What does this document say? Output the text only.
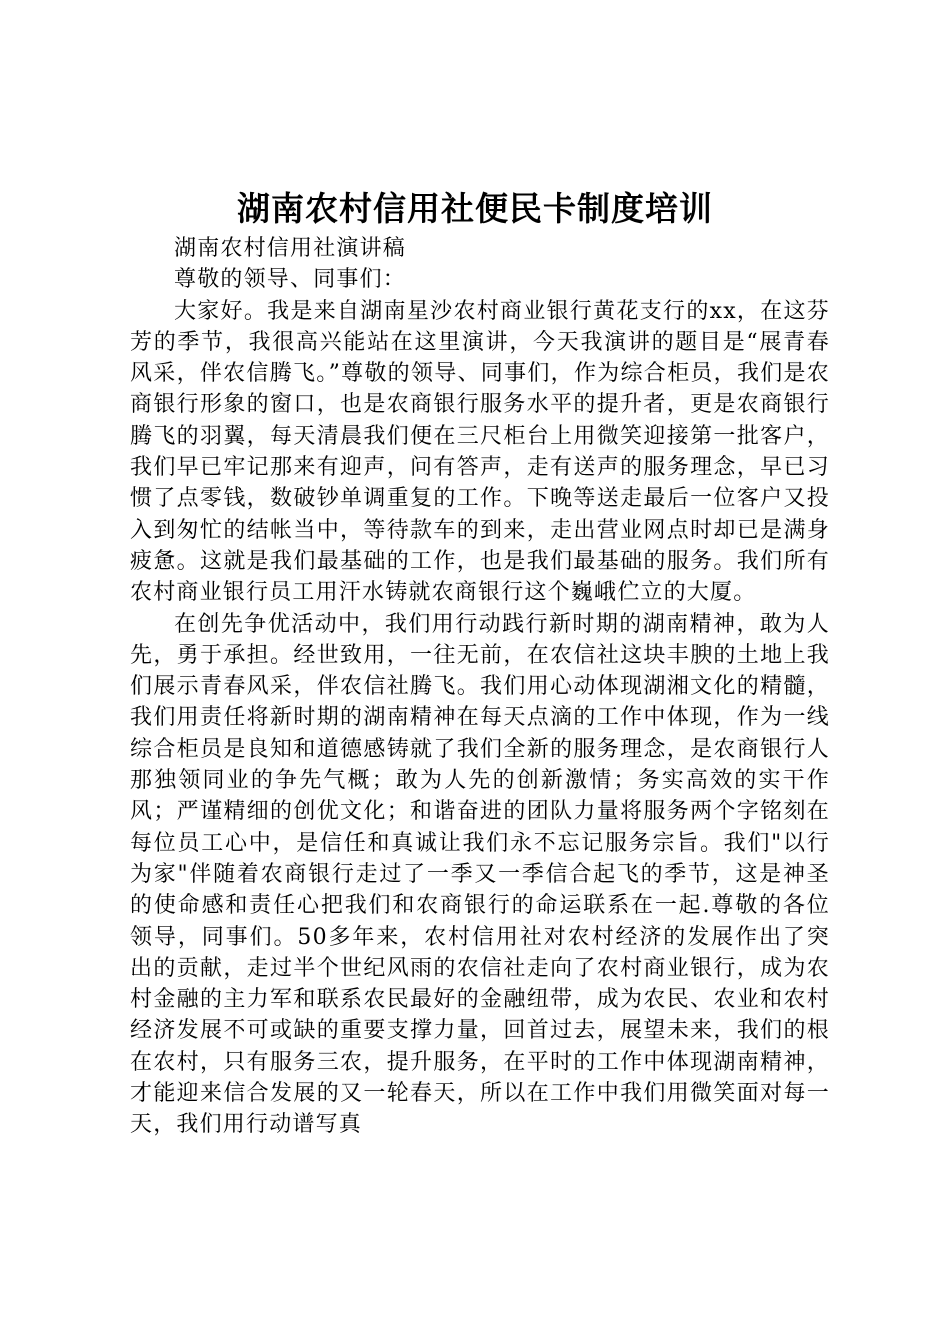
湖南农村信用社便民卡制度培训

湖南农村信用社演讲稿

尊敬的领导、同事们：

大家好。我是来自湖南星沙农村商业银行黄花支行的xx，在这芬芳的季节，我很高兴能站在这里演讲，今天我演讲的题目是“展青春风采，伴农信腾飞。”尊敬的领导、同事们，作为综合柜员，我们是农商银行形象的窗口，也是农商银行服务水平的提升者，更是农商银行腾飞的羽翼，每天清晨我们便在三尺柜台上用微笑迎接第一批客户，我们早已牢记那来有迎声，问有答声，走有送声的服务理念，早已习惯了点零钱，数破钞单调重复的工作。下晚等送走最后一位客户又投入到匆忙的结帐当中，等待款车的到来，走出营业网点时却已是满身疲惫。这就是我们最基础的工作，也是我们最基础的服务。我们所有农村商业银行员工用汗水铸就农商银行这个巍峨伫立的大厦。

在创先争优活动中，我们用行动践行新时期的湖南精神，敢为人先，勇于承担。经世致用，一往无前，在农信社这块丰腴的土地上我们展示青春风采，伴农信社腾飞。我们用心动体现湖湘文化的精髓，我们用责任将新时期的湖南精神在每天点滴的工作中体现，作为一线综合柜员是良知和道德感铸就了我们全新的服务理念，是农商银行人那独领同业的争先气概；敢为人先的创新激情；务实高效的实干作风；严谨精细的创优文化；和谐奋进的团队力量将服务两个字铭刻在每位员工心中，是信任和真诚让我们永不忘记服务宗旨。我们"以行为家"伴随着农商银行走过了一季又一季信合起飞的季节，这是神圣的使命感和责任心把我们和农商银行的命运联系在一起.尊敬的各位领导，同事们。50多年来，农村信用社对农村经济的发展作出了突出的贡献，走过半个世纪风雨的农信社走向了农村商业银行，成为农村金融的主力军和联系农民最好的金融纽带，成为农民、农业和农村经济发展不可或缺的重要支撑力量，回首过去，展望未来，我们的根在农村，只有服务三农，提升服务，在平时的工作中体现湖南精神，才能迎来信合发展的又一轮春天，所以在工作中我们用微笑面对每一天，我们用行动谱写真
